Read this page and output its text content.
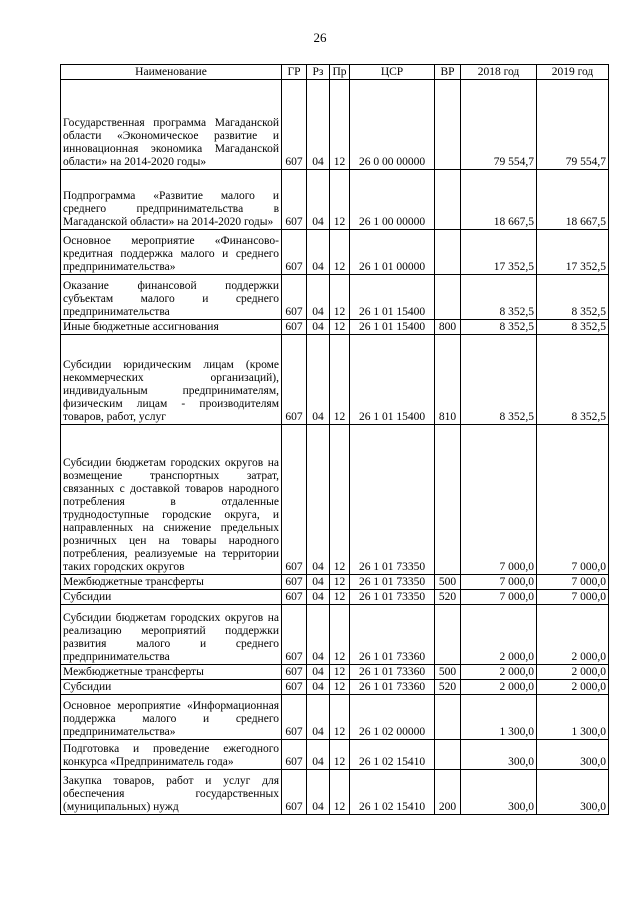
26
Наименование	ГР	Рз	Пр	ЦСР	ВР	2018 год	2019 год

Государственная программа Магаданской области «Экономическое развитие и инновационная экономика Магаданской области» на 2014-2020 годы»	607	04	12	26 0 00 00000		79 554,7	79 554,7

Подпрограмма «Развитие малого и среднего предпринимательства в Магаданской области» на 2014-2020 годы»	607	04	12	26 1 00 00000		18 667,5	18 667,5

Основное мероприятие «Финансово-кредитная поддержка малого и среднего предпринимательства»	607	04	12	26 1 01 00000		17 352,5	17 352,5

Оказание финансовой поддержки субъектам малого и среднего предпринимательства	607	04	12	26 1 01 15400		8 352,5	8 352,5

Иные бюджетные ассигнования	607	04	12	26 1 01 15400	800	8 352,5	8 352,5

Субсидии юридическим лицам (кроме некоммерческих организаций), индивидуальным предпринимателям, физическим лицам - производителям товаров, работ, услуг	607	04	12	26 1 01 15400	810	8 352,5	8 352,5

Субсидии бюджетам городских округов на возмещение транспортных затрат, связанных с доставкой товаров народного потребления в отдаленные труднодоступные городские округа, и направленных на снижение предельных розничных цен на товары народного потребления, реализуемые на территории таких городских округов	607	04	12	26 1 01 73350		7 000,0	7 000,0

Межбюджетные трансферты	607	04	12	26 1 01 73350	500	7 000,0	7 000,0

Субсидии	607	04	12	26 1 01 73350	520	7 000,0	7 000,0

Субсидии бюджетам городских округов на реализацию мероприятий поддержки развития малого и среднего предпринимательства	607	04	12	26 1 01 73360		2 000,0	2 000,0

Межбюджетные трансферты	607	04	12	26 1 01 73360	500	2 000,0	2 000,0

Субсидии	607	04	12	26 1 01 73360	520	2 000,0	2 000,0

Основное мероприятие «Информационная поддержка малого и среднего предпринимательства»	607	04	12	26 1 02 00000		1 300,0	1 300,0

Подготовка и проведение ежегодного конкурса «Предприниматель года»	607	04	12	26 1 02 15410		300,0	300,0

Закупка товаров, работ и услуг для обеспечения государственных (муниципальных) нужд	607	04	12	26 1 02 15410	200	300,0	300,0
